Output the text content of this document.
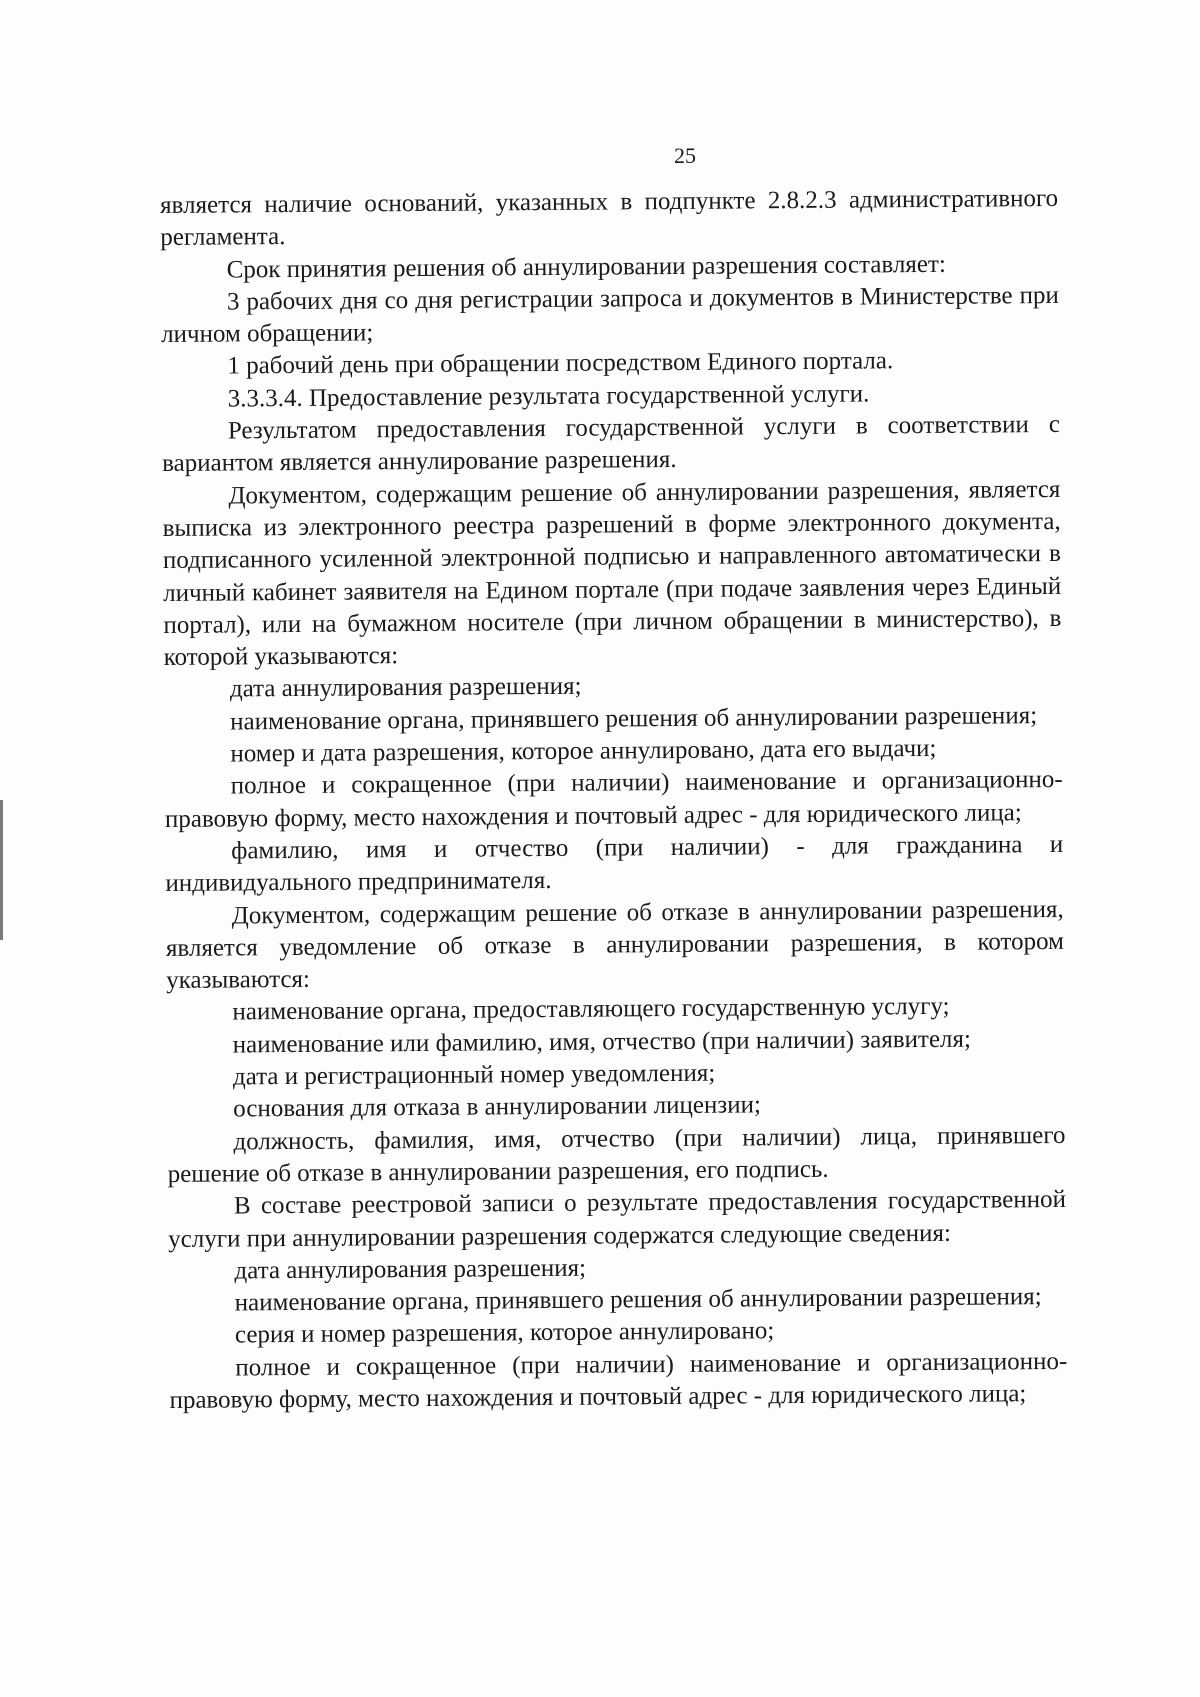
25

является наличие оснований, указанных в подпункте 2.8.2.3 административного регламента.

Срок принятия решения об аннулировании разрешения составляет:

3 рабочих дня со дня регистрации запроса и документов в Министерстве при личном обращении;

1 рабочий день при обращении посредством Единого портала.

3.3.3.4. Предоставление результата государственной услуги.

Результатом предоставления государственной услуги в соответствии с вариантом является аннулирование разрешения.

Документом, содержащим решение об аннулировании разрешения, является выписка из электронного реестра разрешений в форме электронного документа, подписанного усиленной электронной подписью и направленного автоматически в личный кабинет заявителя на Едином портале (при подаче заявления через Единый портал), или на бумажном носителе (при личном обращении в министерство), в которой указываются:

дата аннулирования разрешения;

наименование органа, принявшего решения об аннулировании разрешения;

номер и дата разрешения, которое аннулировано, дата его выдачи;

полное и сокращенное (при наличии) наименование и организационно-правовую форму, место нахождения и почтовый адрес - для юридического лица;

фамилию, имя и отчество (при наличии) - для гражданина и индивидуального предпринимателя.

Документом, содержащим решение об отказе в аннулировании разрешения, является уведомление об отказе в аннулировании разрешения, в котором указываются:

наименование органа, предоставляющего государственную услугу;

наименование или фамилию, имя, отчество (при наличии) заявителя;

дата и регистрационный номер уведомления;

основания для отказа в аннулировании лицензии;

должность, фамилия, имя, отчество (при наличии) лица, принявшего решение об отказе в аннулировании разрешения, его подпись.

В составе реестровой записи о результате предоставления государственной услуги при аннулировании разрешения содержатся следующие сведения:

дата аннулирования разрешения;

наименование органа, принявшего решения об аннулировании разрешения;

серия и номер разрешения, которое аннулировано;

полное и сокращенное (при наличии) наименование и организационно-правовую форму, место нахождения и почтовый адрес - для юридического лица;
